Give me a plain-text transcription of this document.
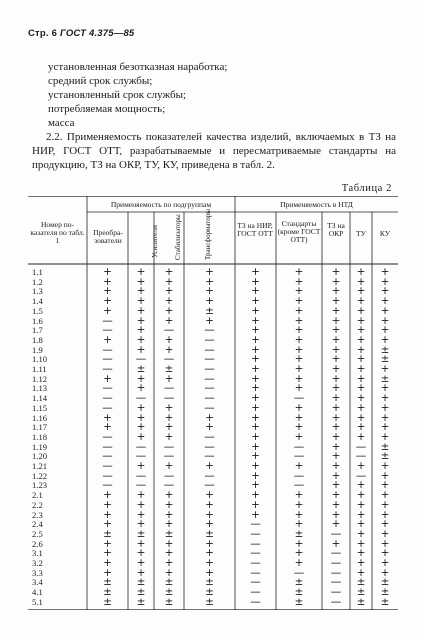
Стр. 6 ГОСТ 4.375—85
установленная безотказная наработка;
средний срок службы;
установленный срок службы;
потребляемая мощность;
масса
2.2. Применяемость показателей качества изделий, включаемых в ТЗ на НИР, ГОСТ ОТТ, разрабатываемые и пересматриваемые стандарты на продукцию, ТЗ на ОКР, ТУ, КУ, приведена в табл. 2.
Таблица 2
Применяемость по подгруппам	Применяемость в НТД
Номер показателя по табл. 1
Преобразователи	Усилители Стабилизаторы	Трансформаторы	ТЗ на НИР, ГОСТ ОТТ
Стандарты (кроме ГОСТ ОТТ)
ТЗ на ОКР	ТУ	КУ
1.1	+ + +	+	+	+	+ + +
1.2	+ + +	+	+	+	+ + +
1.3	+ + +	+	+	+	+ + +
1.4	+ + +	+	+	+	+ + +
1.5	+ + +	±	+	+	+ + +
1.6	— + +	+	+	+	+ + +
1.7	— + —	—	+	+	+ + +
1.8	+ + +	—	+	+	+ + +
1.9	— + +	—	+	+	+ + ±
1.10	— — —	—	+	+	+ + ±
1.11	— ± ±	—	+	+	+ + +
1.12	+ + +	—	+	+	+ + ±
1.13	— + —	—	+	+	+ + +
1.14	— — —	—	+	—	+ + +
1.15	— + +	—	+	+	+ + +
1.16	+ + +	+	+	+	+ + +
1.17	+ + +	+	+	+	+ + +
1.18	— + +	—	+	+	+ + +
1.19	— — —	—	+	—	+ — ±
1.20	— — —	—	+	—	+ — ±
1.21	— + +	+	+	+	+ + +
1.22	— — —	—	+	—	+ — +
1.23	— — —	—	+	—	+ + +
2.1	+ + +	+	+	+	+ + +
2.2	+ + +	+	+	+	+ + +
2.3	+ + +	+	+	+	+ + +
2.4	+ + +	+	—	+	+ + +
2.5	± ± ±	±	—	±	— + +
2.6	+ + +	+	—	+	+ + +
3.1	+ + +	+	—	+	— + +
3.2	+ + +	+	—	+	— + +
3.3	+ + +	+	—	—	— + +
3.4	± ± ±	±	—	±	— ± ±
4.1	± ± ±	±	—	±	— ± ±
5.1	± ± ±	±	—	±	— ± ±
